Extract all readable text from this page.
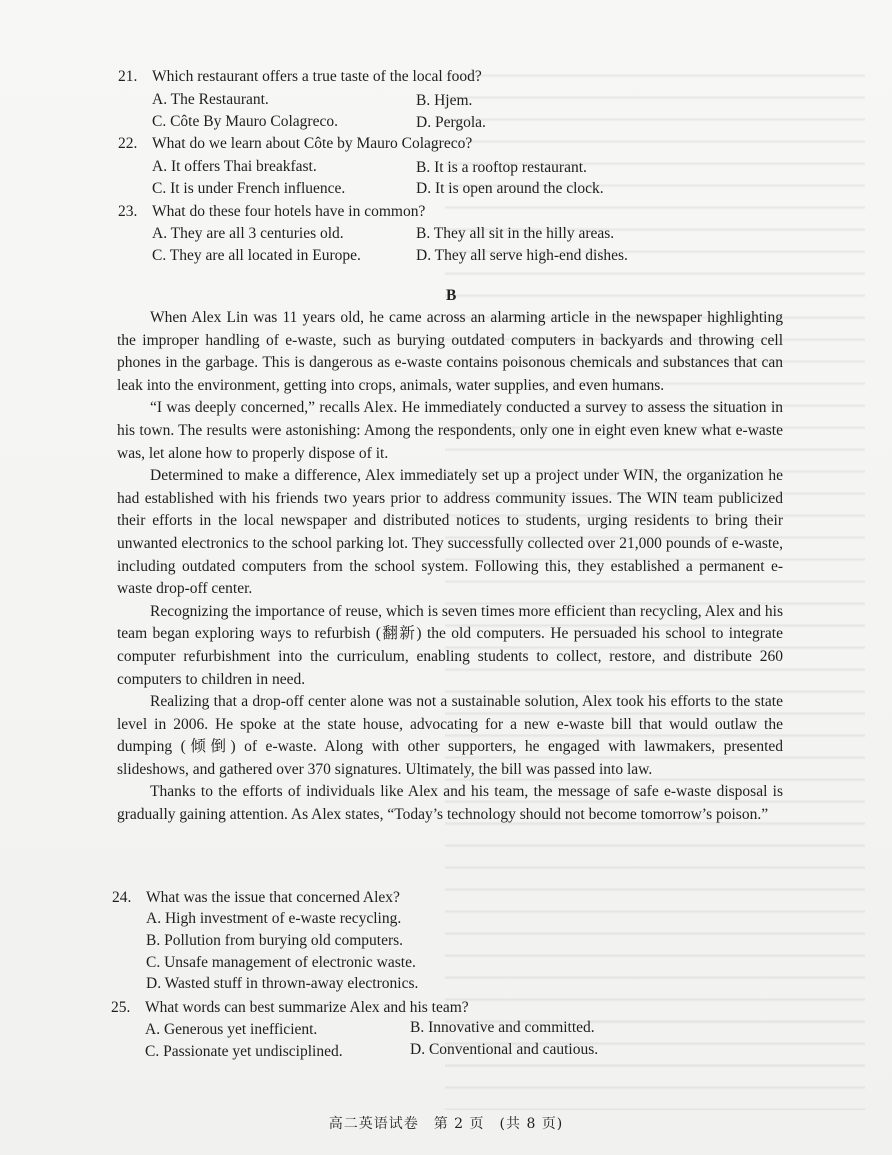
21. Which restaurant offers a true taste of the local food?
A. The Restaurant.	B. Hjem.
C. Côte By Mauro Colagreco.	D. Pergola.
22. What do we learn about Côte by Mauro Colagreco?
A. It offers Thai breakfast.	B. It is a rooftop restaurant.
C. It is under French influence.	D. It is open around the clock.
23. What do these four hotels have in common?
A. They are all 3 centuries old.	B. They all sit in the hilly areas.
C. They are all located in Europe.	D. They all serve high-end dishes.
B

When Alex Lin was 11 years old, he came across an alarming article in the newspaper highlighting the improper handling of e-waste, such as burying outdated computers in backyards and throwing cell phones in the garbage. This is dangerous as e-waste contains poisonous chemicals and substances that can leak into the environment, getting into crops, animals, water supplies, and even humans.

“I was deeply concerned,” recalls Alex. He immediately conducted a survey to assess the situation in his town. The results were astonishing: Among the respondents, only one in eight even knew what e-waste was, let alone how to properly dispose of it.

Determined to make a difference, Alex immediately set up a project under WIN, the organization he had established with his friends two years prior to address community issues. The WIN team publicized their efforts in the local newspaper and distributed notices to students, urging residents to bring their unwanted electronics to the school parking lot. They successfully collected over 21,000 pounds of e-waste, including outdated computers from the school system. Following this, they established a permanent e-waste drop-off center.

Recognizing the importance of reuse, which is seven times more efficient than recycling, Alex and his team began exploring ways to refurbish (翻新) the old computers. He persuaded his school to integrate computer refurbishment into the curriculum, enabling students to collect, restore, and distribute 260 computers to children in need.

Realizing that a drop-off center alone was not a sustainable solution, Alex took his efforts to the state level in 2006. He spoke at the state house, advocating for a new e-waste bill that would outlaw the dumping (倾倒) of e-waste. Along with other supporters, he engaged with lawmakers, presented slideshows, and gathered over 370 signatures. Ultimately, the bill was passed into law.

Thanks to the efforts of individuals like Alex and his team, the message of safe e-waste disposal is gradually gaining attention. As Alex states, “Today’s technology should not become tomorrow’s poison.”

24. What was the issue that concerned Alex?
A. High investment of e-waste recycling.
B. Pollution from burying old computers.
C. Unsafe management of electronic waste.
D. Wasted stuff in thrown-away electronics.
25. What words can best summarize Alex and his team?
A. Generous yet inefficient.	B. Innovative and committed.
C. Passionate yet undisciplined.	D. Conventional and cautious.
高二英语试卷　第 2 页　(共 8 页)
